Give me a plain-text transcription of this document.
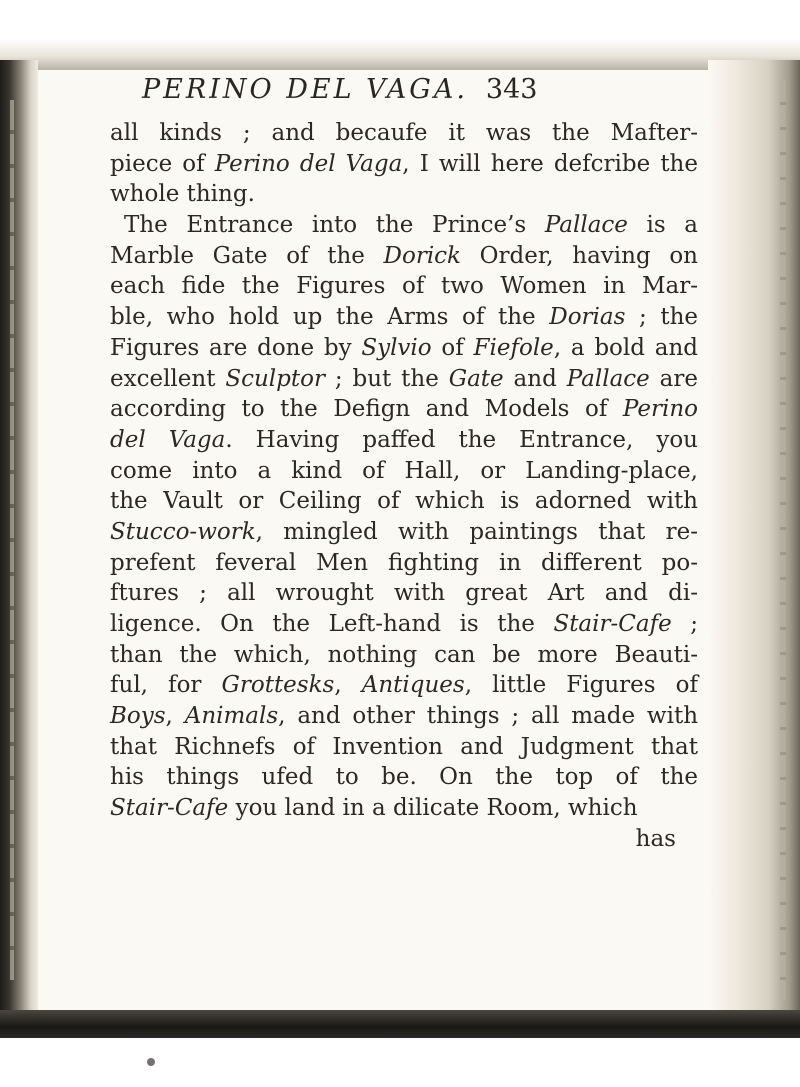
PERINO DEL VAGA. 343
all kinds ; and becaufe it was the Mafter-
piece of Perino del Vaga, I will here defcribe the
whole thing.
The Entrance into the Prince’s Pallace is a
Marble Gate of the Dorick Order, having on
each fide the Figures of two Women in Mar-
ble, who hold up the Arms of the Dorias ; the
Figures are done by Sylvio of Fiefole, a bold and
excellent Sculptor ; but the Gate and Pallace are
according to the Defign and Models of Perino
del Vaga. Having paffed the Entrance, you
come into a kind of Hall, or Landing-place,
the Vault or Ceiling of which is adorned with
Stucco-work, mingled with paintings that re-
prefent feveral Men fighting in different po-
ftures ; all wrought with great Art and di-
ligence. On the Left-hand is the Stair-Cafe ;
than the which, nothing can be more Beauti-
ful, for Grottesks, Antiques, little Figures of
Boys, Animals, and other things ; all made with
that Richnefs of Invention and Judgment that
his things ufed to be. On the top of the
Stair-Cafe you land in a dilicate Room, which
has
